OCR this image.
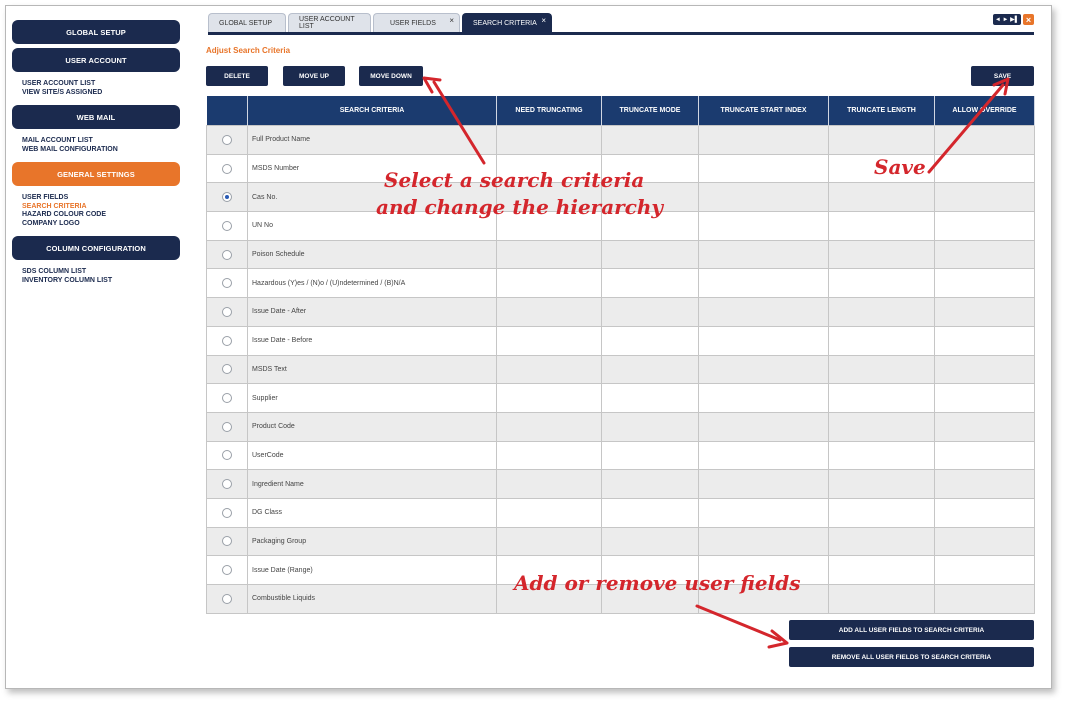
GLOBAL SETUP
USER ACCOUNT
USER ACCOUNT LIST
VIEW SITE/S ASSIGNED
WEB MAIL
MAIL ACCOUNT LIST
WEB MAIL CONFIGURATION
GENERAL SETTINGS
USER FIELDS
SEARCH CRITERIA
HAZARD COLOUR CODE
COMPANY LOGO
COLUMN CONFIGURATION
SDS COLUMN LIST
INVENTORY COLUMN LIST
GLOBAL SETUP	USER ACCOUNT LIST	USER FIELDS ×	SEARCH CRITERIA ×	◄ ► ▶▌ ×
Adjust Search Criteria
DELETE	MOVE UP	MOVE DOWN	SAVE
	SEARCH CRITERIA	NEED TRUNCATING	TRUNCATE MODE	TRUNCATE START INDEX	TRUNCATE LENGTH	ALLOW OVERRIDE

	Full Product Name					

	MSDS Number					

	Cas No.					

	UN No					

	Poison Schedule					

	Hazardous (Y)es / (N)o / (U)ndetermined / (B)N/A					

	Issue Date - After					

	Issue Date - Before					

	MSDS Text					

	Supplier					

	Product Code					

	UserCode					

	Ingredient Name					

	DG Class					

	Packaging Group					

	Issue Date (Range)					

	Combustible Liquids					
ADD ALL USER FIELDS TO SEARCH CRITERIA
REMOVE ALL USER FIELDS TO SEARCH CRITERIA
Select a search criteria
and change the hierarchy
Save
Add or remove user fields
